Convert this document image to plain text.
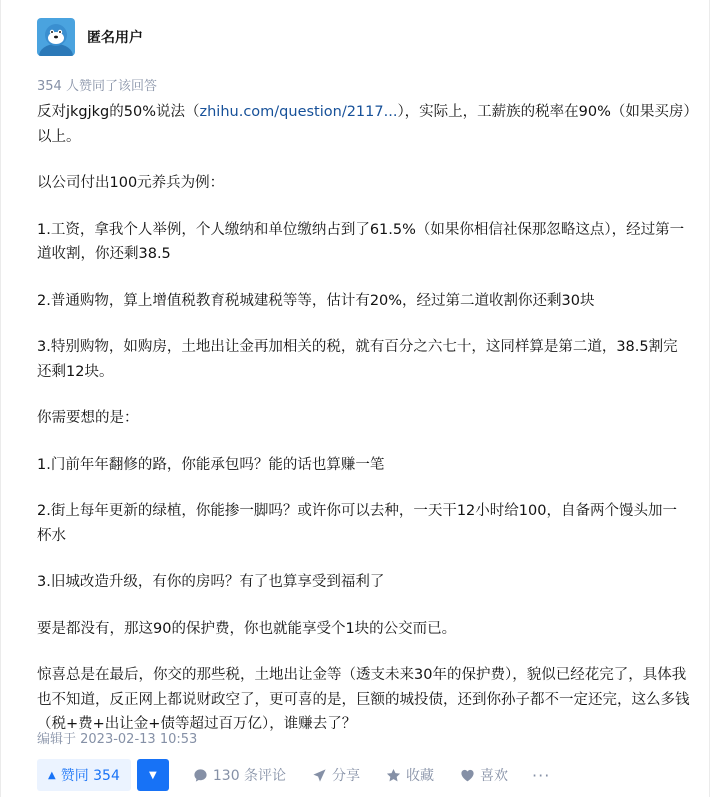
匿名用户
354 人赞同了该回答

反对jkgjkg的50%说法（zhihu.com/question/2117...），实际上，工薪族的税率在90%（如果买房）以上。

以公司付出100元养兵为例：

1.工资，拿我个人举例，个人缴纳和单位缴纳占到了61.5%（如果你相信社保那忽略这点），经过第一道收割，你还剩38.5

2.普通购物，算上增值税教育税城建税等等，估计有20%，经过第二道收割你还剩30块

3.特别购物，如购房，土地出让金再加相关的税，就有百分之六七十，这同样算是第二道，38.5割完还剩12块。

你需要想的是：

1.门前年年翻修的路，你能承包吗？能的话也算赚一笔

2.街上每年更新的绿植，你能掺一脚吗？或许你可以去种，一天干12小时给100，自备两个馒头加一杯水

3.旧城改造升级，有你的房吗？有了也算享受到福利了

要是都没有，那这90的保护费，你也就能享受个1块的公交而已。

惊喜总是在最后，你交的那些税，土地出让金等（透支未来30年的保护费），貌似已经花完了，具体我也不知道，反正网上都说财政空了，更可喜的是，巨额的城投债，还到你孙子都不一定还完，这么多钱（税+费+出让金+债等超过百万亿），谁赚去了？

编辑于 2023-02-13 10:53
▲ 赞同 354	▼	130 条评论	分享	收藏	喜欢 ···
